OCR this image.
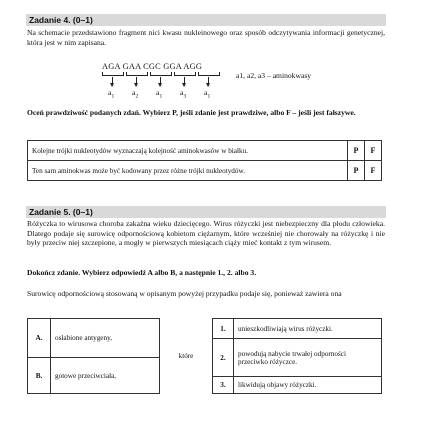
Zadanie 4. (0–1)
Na schemacie przedstawiono fragment nici kwasu nukleinowego oraz sposób odczytywania informacji genetycznej, która jest w nim zapisana.
AGA GAA CGC GGA AGG
$a_1$ $a_2$ $a_1$ $a_3$ $a_1$
a1, a2, a3 – aminokwasy
Oceń prawdziwość podanych zdań. Wybierz P, jeśli zdanie jest prawdziwe, albo F – jeśli jest fałszywe.
Kolejne trójki nukleotydów wyznaczają kolejność aminokwasów w białku.	P	F
Ten sam aminokwas może być kodowany przez różne trójki nukleotydów.	P	F
Zadanie 5. (0–1)
Różyczka to wirusowa choroba zakaźna wieku dziecięcego. Wirus różyczki jest niebezpieczny dla płodu człowieka. Dlatego podaje się surowicę odpornościową kobietom ciężarnym, które wcześniej nie chorowały na różyczkę i nie były przeciw niej szczepione, a mogły w pierwszych miesiącach ciąży mieć kontakt z tym wirusem.
Dokończ zdanie. Wybierz odpowiedź A albo B, a następnie 1., 2. albo 3.
Surowicę odpornościową stosowaną w opisanym powyżej przypadku podaje się, ponieważ zawiera ona
A.	osłabione antygeny,	które	1.	unieszkodliwiają wirus różyczki.

			2.	powodują nabycie trwałej odporności przeciwko różyczce.
B.	gotowe przeciwciała,			
			3.	likwidują objawy różyczki.
